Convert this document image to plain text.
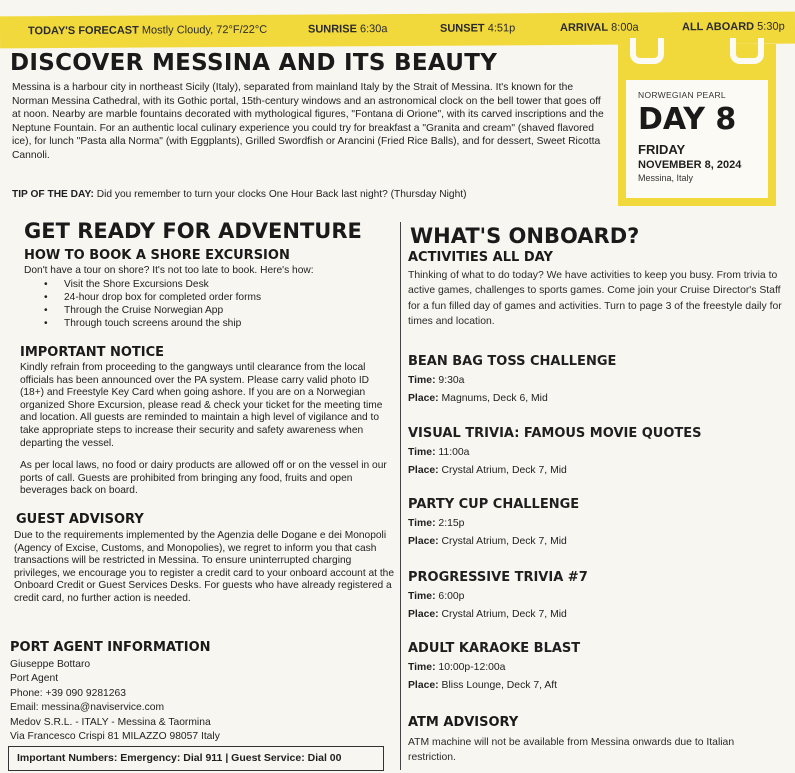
TODAY'S FORECAST Mostly Cloudy, 72°F/22°C	SUNRISE 6:30a	SUNSET 4:51p	ARRIVAL 8:00a	ALL ABOARD 5:30p
DISCOVER MESSINA AND ITS BEAUTY

Messina is a harbour city in northeast Sicily (Italy), separated from mainland Italy by the Strait of Messina. It's known for the Norman Messina Cathedral, with its Gothic portal, 15th-century windows and an astronomical clock on the bell tower that goes off at noon. Nearby are marble fountains decorated with mythological figures, "Fontana di Orione", with its carved inscriptions and the Neptune Fountain. For an authentic local culinary experience you could try for breakfast a "Granita and cream" (shaved flavored ice), for lunch "Pasta alla Norma" (with Eggplants), Grilled Swordfish or Arancini (Fried Rice Balls), and for dessert, Sweet Ricotta Cannoli.

TIP OF THE DAY: Did you remember to turn your clocks One Hour Back last night? (Thursday Night)
NORWEGIAN PEARL
DAY 8
FRIDAY
NOVEMBER 8, 2024
Messina, Italy
GET READY FOR ADVENTURE
HOW TO BOOK A SHORE EXCURSION

Don't have a tour on shore? It's not too late to book. Here's how:

• Visit the Shore Excursions Desk
• 24-hour drop box for completed order forms
• Through the Cruise Norwegian App
• Through touch screens around the ship
IMPORTANT NOTICE

Kindly refrain from proceeding to the gangways until clearance from the local officials has been announced over the PA system. Please carry valid photo ID (18+) and Freestyle Key Card when going ashore. If you are on a Norwegian organized Shore Excursion, please read & check your ticket for the meeting time and location. All guests are reminded to maintain a high level of vigilance and to take appropriate steps to increase their security and safety awareness when departing the vessel.

As per local laws, no food or dairy products are allowed off or on the vessel in our ports of call. Guests are prohibited from bringing any food, fruits and open beverages back on board.

GUEST ADVISORY

Due to the requirements implemented by the Agenzia delle Dogane e dei Monopoli (Agency of Excise, Customs, and Monopolies), we regret to inform you that cash transactions will be restricted in Messina. To ensure uninterrupted charging privileges, we encourage you to register a credit card to your onboard account at the Onboard Credit or Guest Services Desks. For guests who have already registered a credit card, no further action is needed.

PORT AGENT INFORMATION
Giuseppe Bottaro
Port Agent
Phone: +39 090 9281263
Email: messina@naviservice.com
Medov S.R.L. - ITALY - Messina & Taormina
Via Francesco Crispi 81 MILAZZO 98057 Italy
Important Numbers: Emergency: Dial 911 | Guest Service: Dial 00
WHAT'S ONBOARD?
ACTIVITIES ALL DAY

Thinking of what to do today? We have activities to keep you busy. From trivia to active games, challenges to sports games. Come join your Cruise Director's Staff for a fun filled day of games and activities. Turn to page 3 of the freestyle daily for times and location.

BEAN BAG TOSS CHALLENGE
Time: 9:30a
Place: Magnums, Deck 6, Mid
VISUAL TRIVIA: FAMOUS MOVIE QUOTES
Time: 11:00a
Place: Crystal Atrium, Deck 7, Mid
PARTY CUP CHALLENGE
Time: 2:15p
Place: Crystal Atrium, Deck 7, Mid
PROGRESSIVE TRIVIA #7
Time: 6:00p
Place: Crystal Atrium, Deck 7, Mid
ADULT KARAOKE BLAST
Time: 10:00p-12:00a
Place: Bliss Lounge, Deck 7, Aft
ATM ADVISORY

ATM machine will not be available from Messina onwards due to Italian restriction.
